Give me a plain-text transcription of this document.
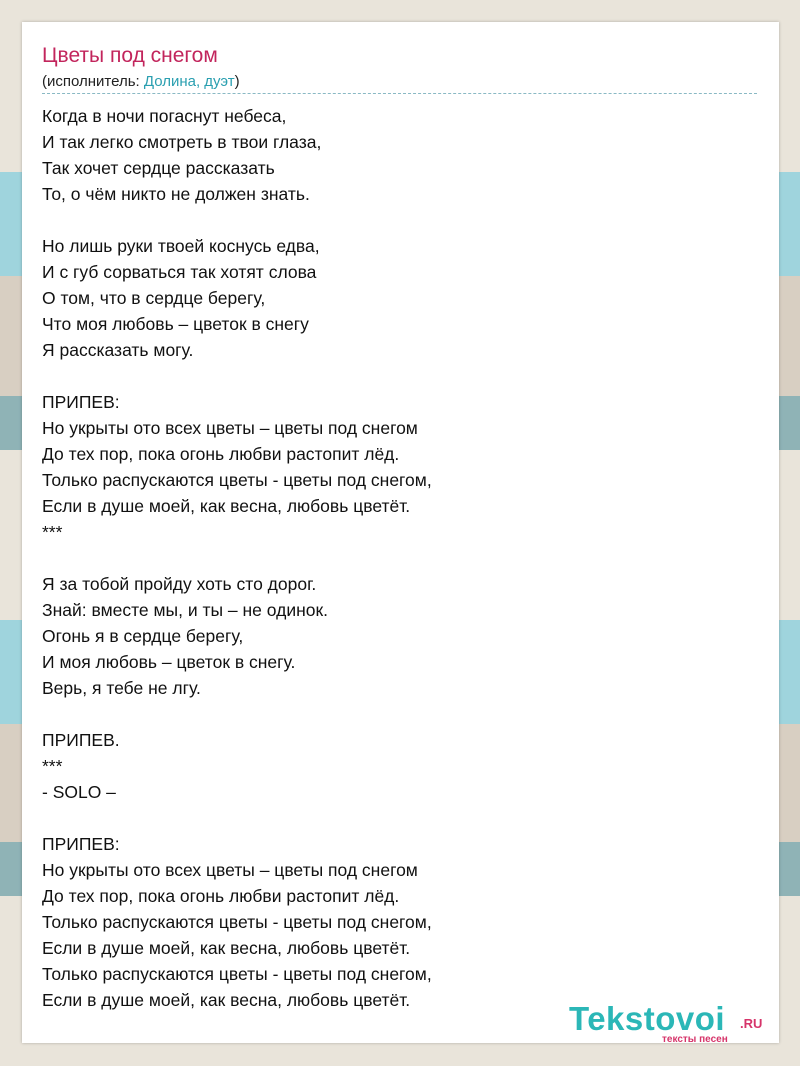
Цветы под снегом
(исполнитель: Долина, дуэт)
Когда в ночи погаснут небеса,
И так легко смотреть в твои глаза,
Так хочет сердце рассказать
То, о чём никто не должен знать.
Но лишь руки твоей коснусь едва,
И с губ сорваться так хотят слова
О том, что в сердце берегу,
Что моя любовь – цветок в снегу
Я рассказать могу.
ПРИПЕВ:
Но укрыты ото всех цветы – цветы под снегом
До тех пор, пока огонь любви растопит лёд.
Только распускаются цветы - цветы под снегом,
Если в душе моей, как весна, любовь цветёт.
***
Я за тобой пройду хоть сто дорог.
Знай: вместе мы, и ты – не одинок.
Огонь я в сердце берегу,
И моя любовь – цветок в снегу.
Верь, я тебе не лгу.
ПРИПЕВ.
***
- SOLO –
ПРИПЕВ:
Но укрыты ото всех цветы – цветы под снегом
До тех пор, пока огонь любви растопит лёд.
Только распускаются цветы - цветы под снегом,
Если в душе моей, как весна, любовь цветёт.
Только распускаются цветы - цветы под снегом,
Если в душе моей, как весна, любовь цветёт.	Tekstovoi .RU
тексты песен
